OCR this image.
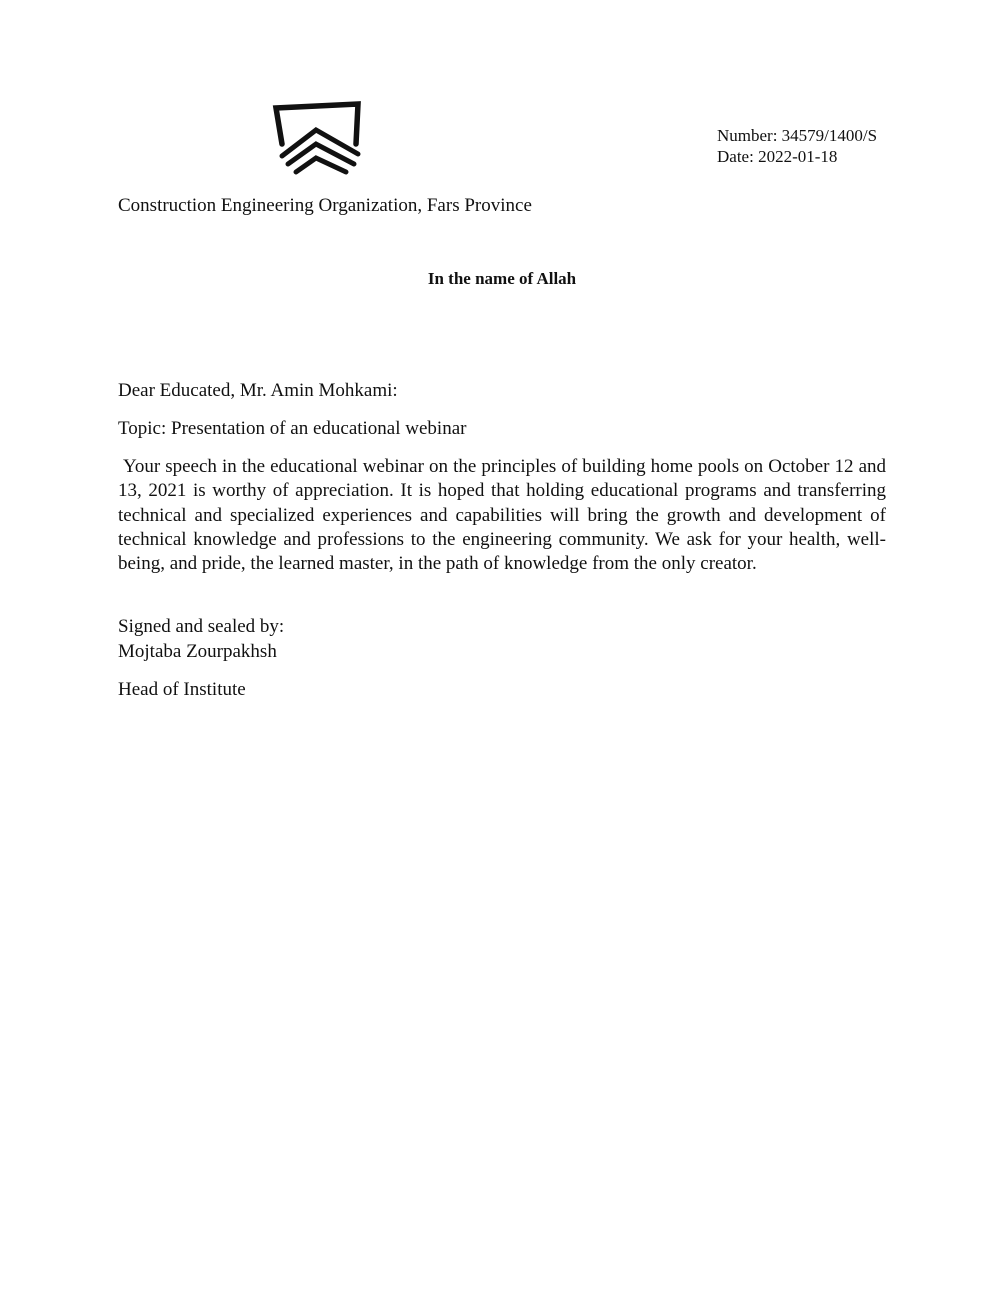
Number: 34579/1400/S
Date: 2022-01-18
Construction Engineering Organization, Fars Province
In the name of Allah
Dear Educated, Mr. Amin Mohkami:
Topic: Presentation of an educational webinar
Your speech in the educational webinar on the principles of building home pools on October 12 and 13, 2021 is worthy of appreciation. It is hoped that holding educational programs and transferring technical and specialized experiences and capabilities will bring the growth and development of technical knowledge and professions to the engineering community. We ask for your health, well-being, and pride, the learned master, in the path of knowledge from the only creator.
Signed and sealed by:
Mojtaba Zourpakhsh
Head of Institute
